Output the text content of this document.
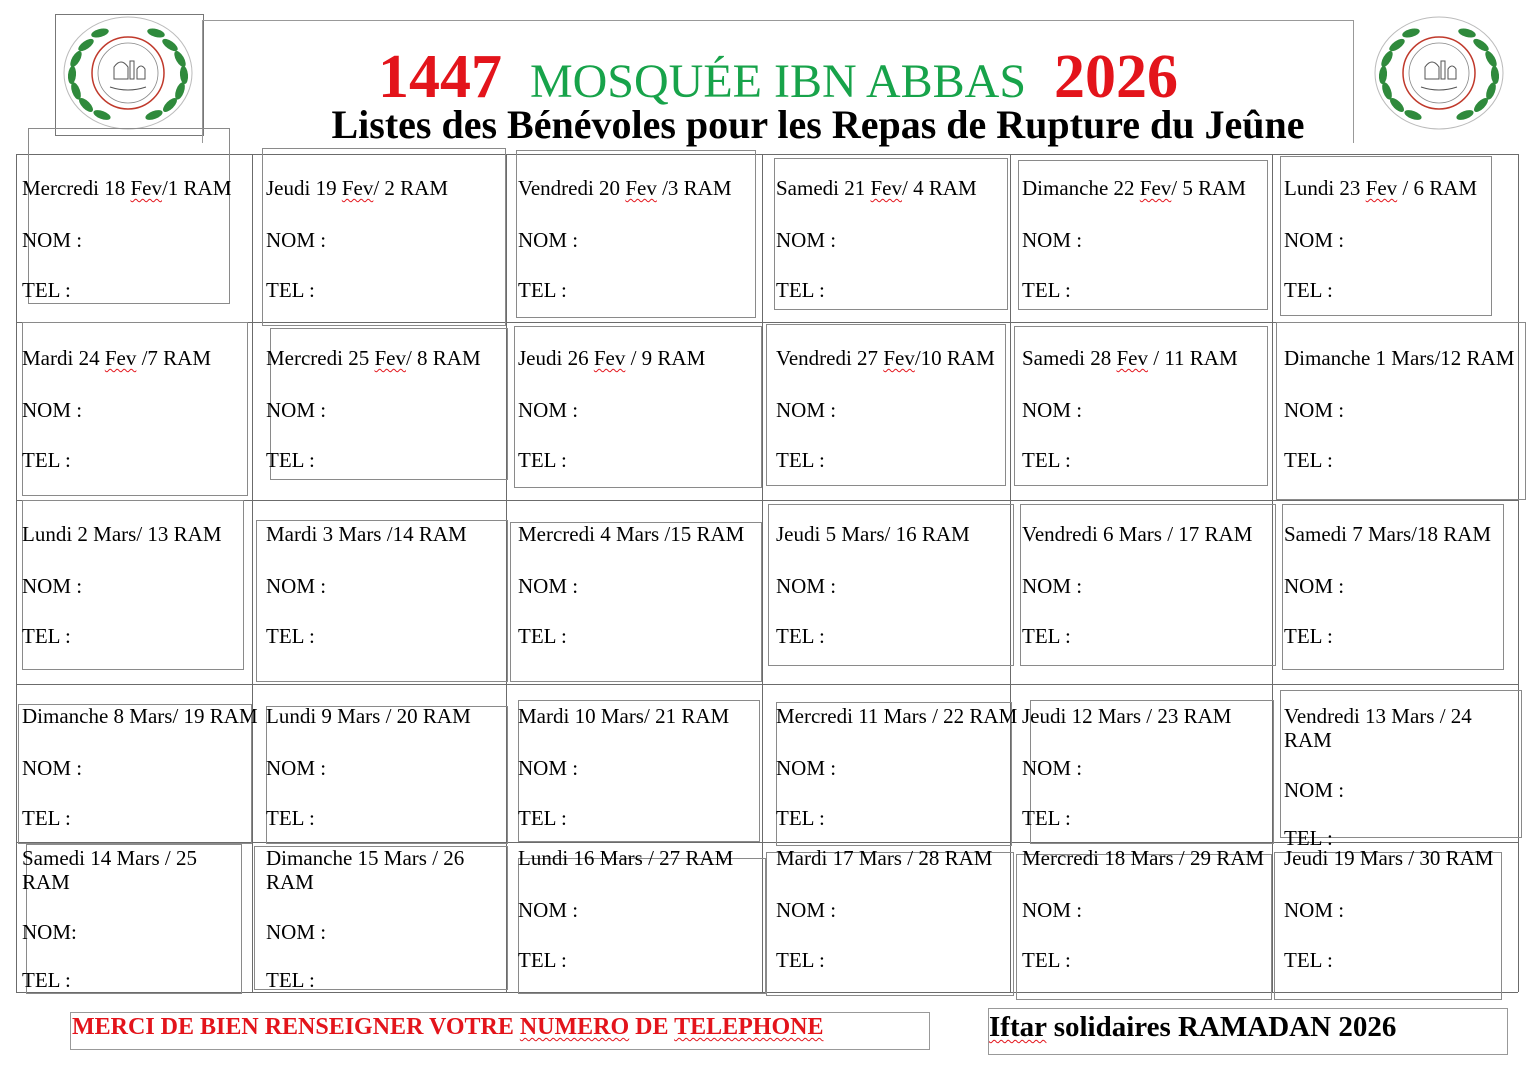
1447 MOSQUÉE IBN ABBAS 2026
Listes des Bénévoles pour les Repas de Rupture du Jeûne
Mercredi 18 Fev/1 RAM
NOM :
TEL :
Jeudi 19 Fev/ 2 RAM
NOM :
TEL :
Vendredi 20 Fev /3 RAM
NOM :
TEL :
Samedi 21 Fev/ 4 RAM
NOM :
TEL :
Dimanche 22 Fev/ 5 RAM
NOM :
TEL :
Lundi 23 Fev / 6 RAM
NOM :
TEL :
Mardi 24 Fev /7 RAM
NOM :
TEL :
Mercredi 25 Fev/ 8 RAM
NOM :
TEL :
Jeudi 26 Fev / 9 RAM
NOM :
TEL :
Vendredi 27 Fev/10 RAM
NOM :
TEL :
Samedi 28 Fev / 11 RAM
NOM :
TEL :
Dimanche 1 Mars/12 RAM
NOM :
TEL :
Lundi 2 Mars/ 13 RAM
NOM :
TEL :
Mardi 3 Mars /14 RAM
NOM :
TEL :
Mercredi 4 Mars /15 RAM
NOM :
TEL :
Jeudi 5 Mars/ 16 RAM
NOM :
TEL :
Vendredi 6 Mars / 17 RAM
NOM :
TEL :
Samedi 7 Mars/18 RAM
NOM :
TEL :
Dimanche 8 Mars/ 19 RAM
NOM :
TEL :
Lundi 9 Mars / 20 RAM
NOM :
TEL :
Mardi 10 Mars/ 21 RAM
NOM :
TEL :
Mercredi 11 Mars / 22 RAM
NOM :
TEL :
Jeudi 12 Mars / 23 RAM
NOM :
TEL :
Vendredi 13 Mars / 24
RAM
NOM :
TEL :
Samedi 14 Mars / 25
RAM
NOM:
TEL :
Dimanche 15 Mars / 26
RAM
NOM :
TEL :
Lundi 16 Mars / 27 RAM
NOM :
TEL :
Mardi 17 Mars / 28 RAM
NOM :
TEL :
Mercredi 18 Mars / 29 RAM
NOM :
TEL :
Jeudi 19 Mars / 30 RAM
NOM :
TEL :
MERCI DE BIEN RENSEIGNER VOTRE NUMERO DE TELEPHONE	Iftar solidaires RAMADAN 2026
